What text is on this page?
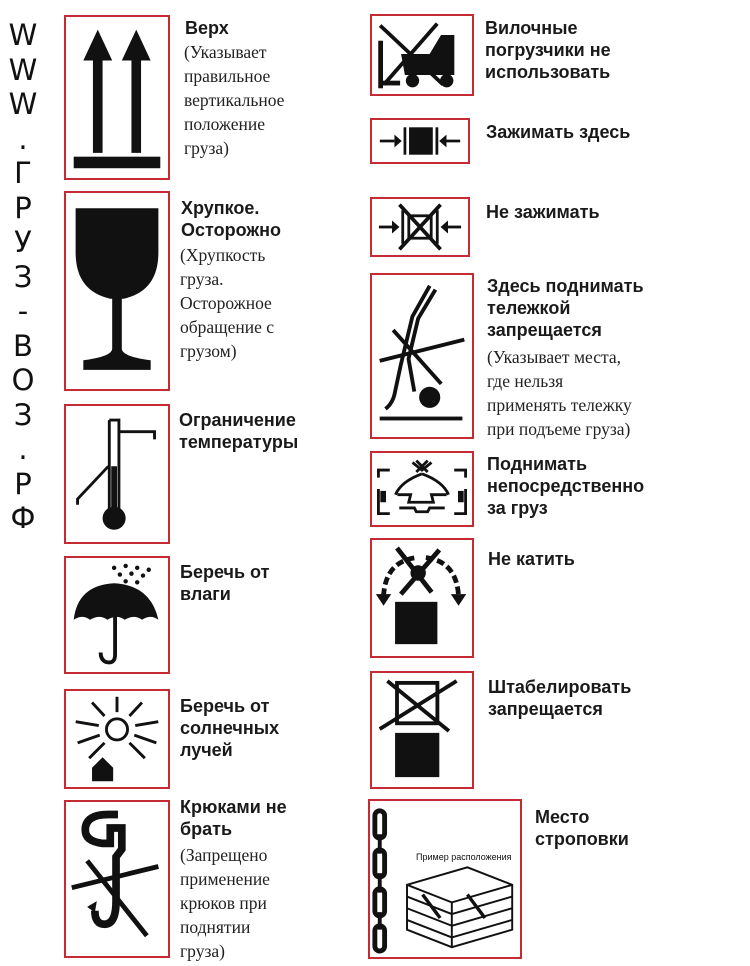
W
W
W
.
Г
Р
У
З
-
В
О
З
.
Р
Ф
Верх
(Указывает
правильное
вертикальное
положение
груза)
Хрупкое.
Осторожно
(Хрупкость
груза.
Осторожное
обращение с
грузом)
Ограничение
температуры
Беречь от
влаги
Беречь от
солнечных
лучей
Крюками не
брать
(Запрещено
применение
крюков при
поднятии
груза)
Вилочные
погрузчики не
использовать
Зажимать здесь
Не зажимать
Здесь поднимать
тележкой
запрещается
(Указывает места,
где нельзя
применять тележку
при подъеме груза)
Поднимать
непосредственно
за груз
Не катить
Штабелировать
запрещается
Пример расположения
Место
строповки
